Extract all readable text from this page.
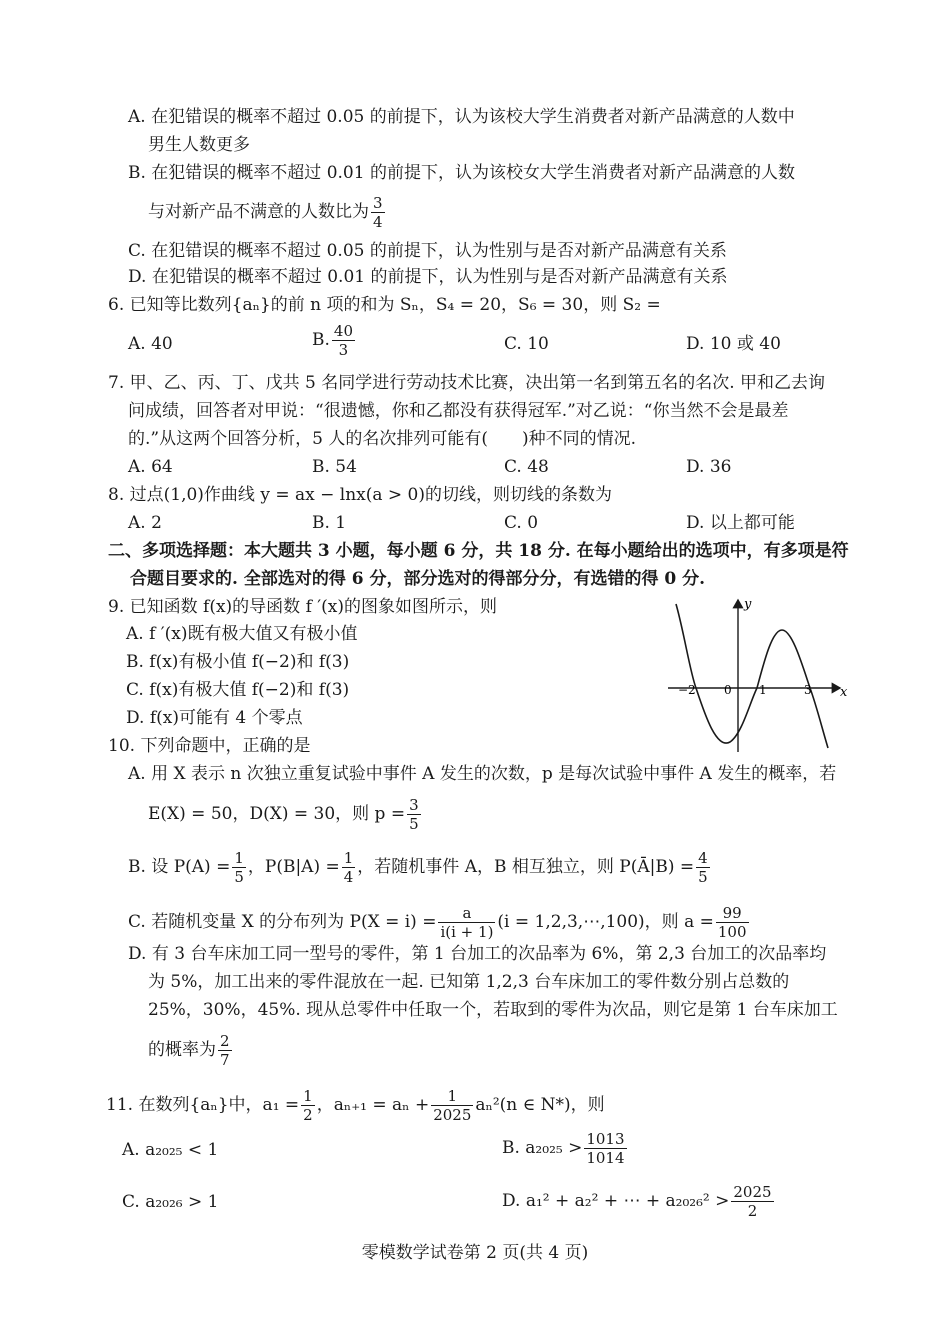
A. 在犯错误的概率不超过 0.05 的前提下，认为该校大学生消费者对新产品满意的人数中
男生人数更多
B. 在犯错误的概率不超过 0.01 的前提下，认为该校女大学生消费者对新产品满意的人数
与对新产品不满意的人数比为 $\frac{3}{4}$
C. 在犯错误的概率不超过 0.05 的前提下，认为性别与是否对新产品满意有关系
D. 在犯错误的概率不超过 0.01 的前提下，认为性别与是否对新产品满意有关系
6. 已知等比数列{aₙ}的前 n 项的和为 Sₙ，S₄ = 20，S₆ = 30，则 S₂ =
A. 40	B. $\frac{40}{3}$	C. 10	D. 10 或 40
7. 甲、乙、丙、丁、戊共 5 名同学进行劳动技术比赛，决出第一名到第五名的名次. 甲和乙去询
问成绩，回答者对甲说：“很遗憾，你和乙都没有获得冠军.”对乙说：“你当然不会是最差
的.”从这两个回答分析，5 人的名次排列可能有(　　)种不同的情况.
A. 64	B. 54	C. 48	D. 36
8. 过点(1,0)作曲线 y = ax − lnx(a > 0)的切线，则切线的条数为
A. 2	B. 1	C. 0	D. 以上都可能
二、多项选择题：本大题共 3 小题，每小题 6 分，共 18 分. 在每小题给出的选项中，有多项是符
合题目要求的. 全部选对的得 6 分，部分选对的得部分分，有选错的得 0 分.
9. 已知函数 f(x)的导函数 f ′(x)的图象如图所示，则
A. f ′(x)既有极大值又有极小值
B. f(x)有极小值 f(−2)和 f(3)
C. f(x)有极大值 f(−2)和 f(3)
D. f(x)可能有 4 个零点
y
x
−2 0 1	3
10. 下列命题中，正确的是
A. 用 X 表示 n 次独立重复试验中事件 A 发生的次数，p 是每次试验中事件 A 发生的概率，若
E(X) = 50，D(X) = 30，则 $p = \frac{3}{5}$
B. 设 $P(A) = \frac{1}{5}$ ，$P(B|A) = \frac{1}{4}$ ，若随机事件 A，B 相互独立，则 P(Ā|B) = $\frac{4}{5}$
C. 若随机变量 X 的分布列为 $P(X = i) = \frac{a}{i(i + 1)} (i$ = 1,2,3,⋯,100)，则 $a = \frac{99}{100}$
D. 有 3 台车床加工同一型号的零件，第 1 台加工的次品率为 6%，第 2,3 台加工的次品率均
为 5%，加工出来的零件混放在一起. 已知第 1,2,3 台车床加工的零件数分别占总数的
25%，30%，45%. 现从总零件中任取一个，若取到的零件为次品，则它是第 1 台车床加工
的概率为 $\frac{2}{7}$
11. 在数列{aₙ}中，$a_1 = \frac{1}{2}$ ，$a_{n+1} = a_n + \frac{1}{2025} a_n^2(n$ ∈ N*)，则
A. a₂₀₂₅ < 1	B. $a_{2025} > \frac{1013}{1014}$
C. a₂₀₂₆ > 1	D. a₁² + a₂² + ⋯ + $a_{2026}^2 > \frac{2025}{2}$
零模数学试卷第 2 页(共 4 页)
